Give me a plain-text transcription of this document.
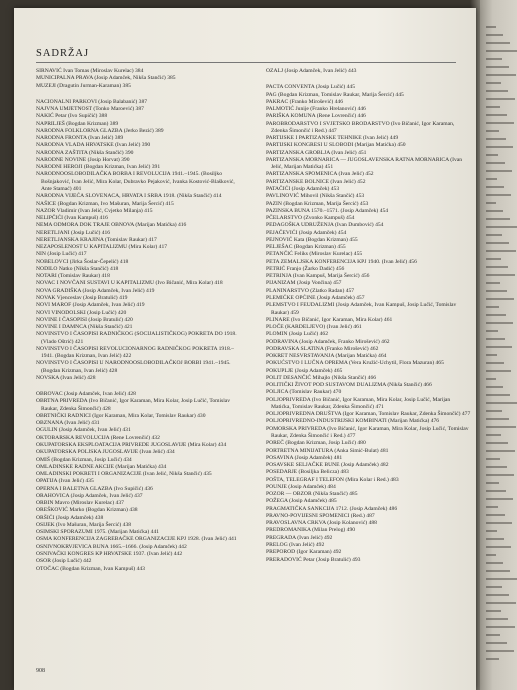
SADRŽAJ
SIRNAVIĆ Ivan Tomas (Miroslav Kurelac) 384
MUNICIPALNA PRAVA (Josip Adamček, Nikša Stančić) 385
MUZEJI (Dragutin Jurman-Karaman) 385
NACIONALNI PARKOVI (Josip Balabanić) 387
NAJVNA UMJETNOST (Tonko Maroević) 387
NAKIĆ Petar (Ivo Supičić) 388
NAPRILJEŠ (Bogdan Krizman) 389
NARODNA FOLKLORNA GLAZBA (Jerko Bezić) 389
NARODNA FRONTA (Ivan Jelić) 389
NARODNA VLADA HRVATSKE (Ivan Jelić) 390
NARODNA ZAŠTITA (Nikša Stančić) 390
NARODNE NOVINE (Josip Horvat) 390
NARODNI HEROJI (Bogdan Krizman, Ivan Jelić) 391
NARODNOOSLOBODILAČKA BORBA I REVOLUCIJA 1941.–1945. (Bosiljko Bošnjaković, Ivan Jelić, Mira Kolar, Dubravko Pejaković, Ivanka Kostović-Blašković, Ante Stamać) 401
NARODNA VIJEĆA SLOVENACA, HRVATA I SRBA 1918. (Nikša Stančić) 414
NAŠICE (Bogdan Krizman, Ivo Mašuran, Marija Šercić) 415
NAZOR Vladimir (Ivan Jelić, Cvjetko Milanja) 415
NELIPČIĆI (Ivan Kampuš) 416
NEMA ODMORA DOK TRAJE OBNOVA (Marijan Matićka) 416
NERETLJANI (Josip Lučić) 416
NERETLJANSKA KRAJINA (Tomislav Raukar) 417
NEZAPOSLENOST U KAPITALIZMU (Mira Kolar) 417
NIN (Josip Lučić) 417
NOBELOVCI (Jirka Šoslar-Čepelić) 418
NODILO Natko (Nikša Stančić) 418
NOTARI (Tomislav Raukar) 418
NOVAC I NOVČANI SUSTAVI U KAPITALIZMU (Ivo Bičanić, Mira Kolar) 418
NOVA GRADIŠKA (Josip Adamček, Ivan Jelić) 419
NOVAK Vjenceslav (Josip Bratulić) 419
NOVI MAROF (Josip Adamček, Ivan Jelić) 419
NOVI VINODOLSKI (Josip Lučić) 420
NOVINE I ČASOPISI (Josip Bratulić) 420
NOVINE I DAMNCA (Nikša Stančić) 421
NOVINSTVO I ČASOPISI RADNIČKOG (SOCIJALISTIČKOG) POKRETA DO 1918. (Vlado Oštrić) 421
NOVINSTVO I ČASOPISI REVOLUCIONARNOG RADNIČKOG POKRETA 1918.–1941. (Bogdan Krizman, Ivan Jelić) 422
NOVINSTVO I ČASOPISI U NARODNOOSLOBODILAČKOJ BORBI 1941.–1945. (Bogdan Krizman, Ivan Jelić) 428
NOVSKA (Ivan Jelić) 428
OBROVAC (Josip Adamček, Ivan Jelić) 428
OBRTNA PRIVREDA (Ivo Bičanić, Igor Karaman, Mira Kolar, Josip Lučić, Tomislav Raukar, Zdenka Šimončić) 428
OBRTNIČKI RADNICI (Igor Karaman, Mira Kolar, Tomislav Raukar) 430
OBZNANA (Ivan Jelić) 431
OGULIN (Josip Adamček, Ivan Jelić) 431
OKTOBARSKA REVOLUCIJA (Rene Lovrenčić) 432
OKUPATORSKA EKSPLOATACIJA PRIVREDE JUGOSLAVIJE (Mira Kolar) 434
OKUPATORSKA POLJSKA JUGOSLAVIJE (Ivan Jelić) 434
OMIŠ (Bogdan Krizman, Josip Lučić) 434
OMLADINSKE RADNE AKCIJE (Marijan Matićka) 434
OMLADINSKI POKRETI I ORGANIZACIJE (Ivan Jelić, Nikša Stančić) 435
OPATIJA (Ivan Jelić) 435
OPERNA I BALETNA GLAZBA (Ivo Supičić) 436
ORAHOVICA (Josip Adamček, Ivan Jelić) 437
ORBIN Mavro (Miroslav Kurelac) 437
OREŠKOVIĆ Marko (Bogdan Krizman) 438
ORŠIĆI (Josip Adamček) 438
OSIJEK (Ivo Mašuran, Marija Šercić) 438
OSIMSKI SPORAZUMI 1975. (Marijan Matićka) 441
OSMA KONFERENCIJA ZAGREBAČKE ORGANIZACIJE KPJ 1928. (Ivan Jelić) 441
OSNIVNOKRVJEVICA BUNA 1665.–1666. (Josip Adamček) 442
OSNIVAČKI KONGRES KP HRVATSKE 1937. (Ivan Jelić) 442
OSOR (Josip Lučić) 442
OTOČAC (Bogdan Krizman, Ivan Kampuš) 443
OZALJ (Josip Adamček, Ivan Jelić) 443
PACTA CONVENTA (Josip Lučić) 445
PAG (Bogdan Krizman, Tomislav Raukar, Marija Šercić) 445
PAKRAC (Franko Mirošević) 446
PALMOTIĆ Junije (Franko Hrelanović) 446
PARIŠKA KOMUNA (Rene Lovrenčić) 446
PAROBRODARSTVO I SVJETSKO BRODARSTVO (Ivo Bičanić, Igor Karaman, Zdenka Šimončić i Red.) 447
PARTIJSKE I PARTIZANSKE TEHNIKE (Ivan Jelić) 449
PARTIJSKI KONGRESI U SLOBODI (Marijan Matićka) 450
PARTIZANSKA GROBLJA (Ivan Jelić) 451
PARTIZANSKA MORNARICA — JUGOSLAVENSKA RATNA MORNARICA (Ivan Jelić, Marijan Matićka) 451
PARTIZANSKA SPOMENICA (Ivan Jelić) 452
PARTIZANSKE BOLNICE (Ivan Jelić) 452
PATAČIĆI (Josip Adamček) 453
PAVLINOVIĆ Mihovil (Nikša Stančić) 453
PAZIN (Bogdan Krizman, Marija Šercić) 453
PAZINSKA BUNA 1570.–1571. (Josip Adamček) 454
PČELARSTVO (Zvonko Kampuš) 454
PEDAGOŠKA UDRUŽENJA (Ivan Dumbović) 454
PEJAČEVIĆI (Josip Adamček) 454
PEJNOVIĆ Kata (Bogdan Krizman) 455
PELJEŠAC (Bogdan Krizman) 455
PETANČIĆ Feliks (Miroslav Kurelac) 455
PETA ZEMALJSKA KONFERENCIJA KPJ 1940. (Ivan Jelić) 456
PETRIĆ Franjo (Žarko Dadić) 456
PETRINJA (Ivan Kampuš, Marija Šercić) 456
PIJANIZAM (Josip Vončina) 457
PLANINARSTVO (Zlatko Radan) 457
PLEMIĆKE OPĆINE (Josip Adamček) 457
PLEMSTVO I FEUDALIZMI (Josip Adamček, Ivan Kampuš, Josip Lučić, Tomislav Raukar) 459
PLINARE (Ivo Bičanić, Igor Karaman, Mira Kolar) 461
PLOČE (KARDELJEVO) (Ivan Jelić) 461
PLOMIN (Josip Lučić) 462
PODRAVINA (Josip Adamček, Franko Mirošević) 462
PODRAVSKA SLATINA (Franko Mirošević) 462
POKRET NESVRSTAVANJA (Marijan Matićka) 464
POKUĆSTVO I LUČNA OPREMA (Vera Kružić-Uchytil, Flora Mazuran) 465
POKUPLJE (Josip Adamček) 465
POLIT DESANČIĆ Mihajlo (Nikša Stančić) 466
POLITIČKI ŽIVOT POD SUSTAVOM DUALIZMA (Nikša Stančić) 466
POLJICA (Tomislav Raukar) 470
POLJOPRIVREDA (Ivo Bičanić, Igor Karaman, Mira Kolar, Josip Lučić, Marijan Matićka, Tomislav Raukar, Zdenka Šimončić) 471
POLJOPRIVREDNA DRUŠTVA (Igor Karaman, Tomislav Raukar, Zdenka Šimončić) 477
POLJOPRIVREDNO-INDUSTRIJSKI KOMBINATI (Marijan Matićka) 476
POMORSKA PRIVREDA (Ivo Bičanić, Igor Karaman, Mira Kolar, Josip Lučić, Tomislav Raukar, Zdenka Šimončić i Red.) 477
POREČ (Bogdan Krizman, Josip Lučić) 480
PORTRETNA MINIJATURA (Anka Simić-Bulat) 481
POSAVINA (Josip Adamček) 481
POSAVSKE SELJAČKE BUNE (Josip Adamček) 482
POSEDARJE (Bosiljka Belicza) 483
POŠTA, TELEGRAF I TELEFON (Mira Kolar i Red.) 483
POUNJE (Josip Adamček) 484
POZOR — OBZOR (Nikša Stančić) 485
POŽEGA (Josip Adamček) 485
PRAGMATIČKA SANKCIJA 1712. (Josip Adamček) 486
PRAVNO-POVIJESNI SPOMENICI (Red.) 487
PRAVOSLAVNA CRKVA (Josip Kolanović) 488
PREDROMANIKA (Milan Prelog) 490
PREGRADA (Ivan Jelić) 492
PRELOG (Ivan Jelić) 492
PREPOROD (Igor Karaman) 492
PRERADOVIĆ Petar (Josip Bratulić) 493
908
